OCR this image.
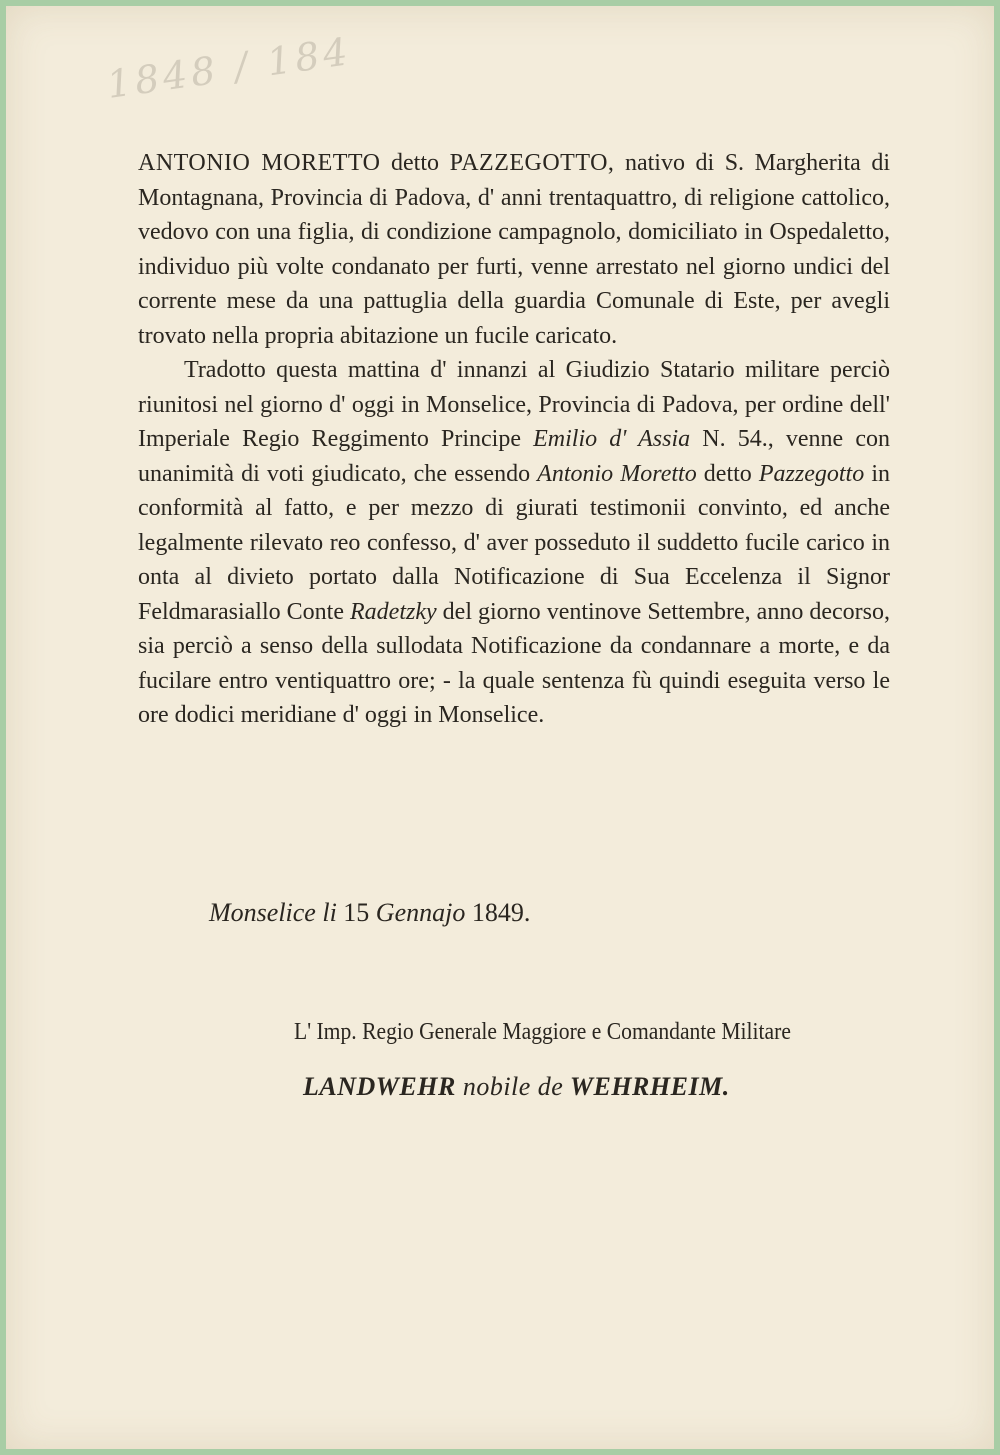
1848 / 184

ANTONIO MORETTO detto PAZZEGOTTO, nativo di S. Margherita di Montagnana, Provincia di Padova, d' anni trentaquattro, di religione cattolico, vedovo con una figlia, di condizione campagnolo, domiciliato in Ospedaletto, individuo più volte condanato per furti, venne arrestato nel giorno undici del corrente mese da una pattuglia della guardia Comunale di Este, per avegli trovato nella propria abitazione un fucile caricato.

Tradotto questa mattina d' innanzi al Giudizio Statario militare perciò riunitosi nel giorno d' oggi in Monselice, Provincia di Padova, per ordine dell' Imperiale Regio Reggimento Principe Emilio d' Assia N. 54., venne con unanimità di voti giudicato, che essendo Antonio Moretto detto Pazzegotto in conformità al fatto, e per mezzo di giurati testimonii convinto, ed anche legalmente rilevato reo confesso, d' aver posseduto il suddetto fucile carico in onta al divieto portato dalla Notificazione di Sua Eccelenza il Signor Feldmarasiallo Conte Radetzky del giorno ventinove Settembre, anno decorso, sia perciò a senso della sullodata Notificazione da condannare a morte, e da fucilare entro ventiquattro ore; - la quale sentenza fù quindi eseguita verso le ore dodici meridiane d' oggi in Monselice.

Monselice li 15 Gennajo 1849.
L' Imp. Regio Generale Maggiore e Comandante Militare
LANDWEHR nobile de WEHRHEIM.
